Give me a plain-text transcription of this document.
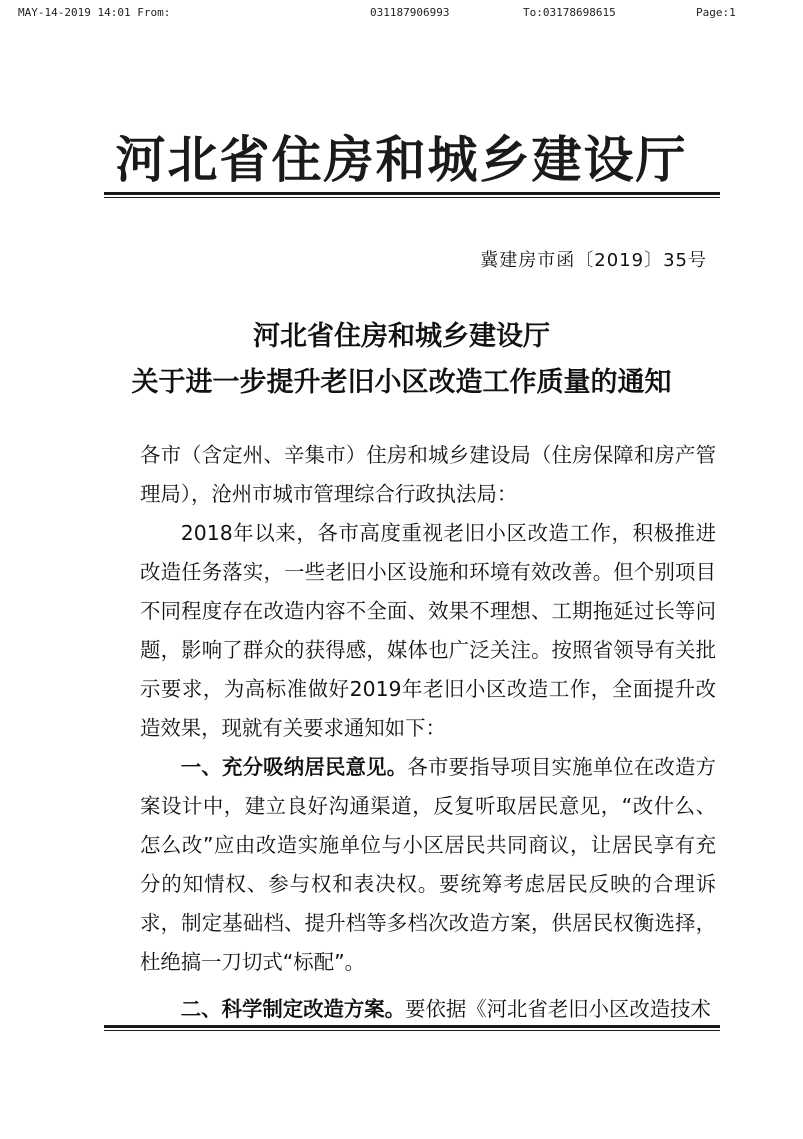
MAY-14-2019 14:01 From:	031187906993	To:03178698615	Page:1
河北省住房和城乡建设厅
冀建房市函〔2019〕35号
河北省住房和城乡建设厅
关于进一步提升老旧小区改造工作质量的通知

各市（含定州、辛集市）住房和城乡建设局（住房保障和房产管理局），沧州市城市管理综合行政执法局：

2018年以来，各市高度重视老旧小区改造工作，积极推进改造任务落实，一些老旧小区设施和环境有效改善。但个别项目不同程度存在改造内容不全面、效果不理想、工期拖延过长等问题，影响了群众的获得感，媒体也广泛关注。按照省领导有关批示要求，为高标准做好2019年老旧小区改造工作，全面提升改造效果，现就有关要求通知如下：

一、充分吸纳居民意见。各市要指导项目实施单位在改造方案设计中，建立良好沟通渠道，反复听取居民意见，“改什么、怎么改”应由改造实施单位与小区居民共同商议，让居民享有充分的知情权、参与权和表决权。要统筹考虑居民反映的合理诉求，制定基础档、提升档等多档次改造方案，供居民权衡选择，杜绝搞一刀切式“标配”。

二、科学制定改造方案。要依据《河北省老旧小区改造技术
